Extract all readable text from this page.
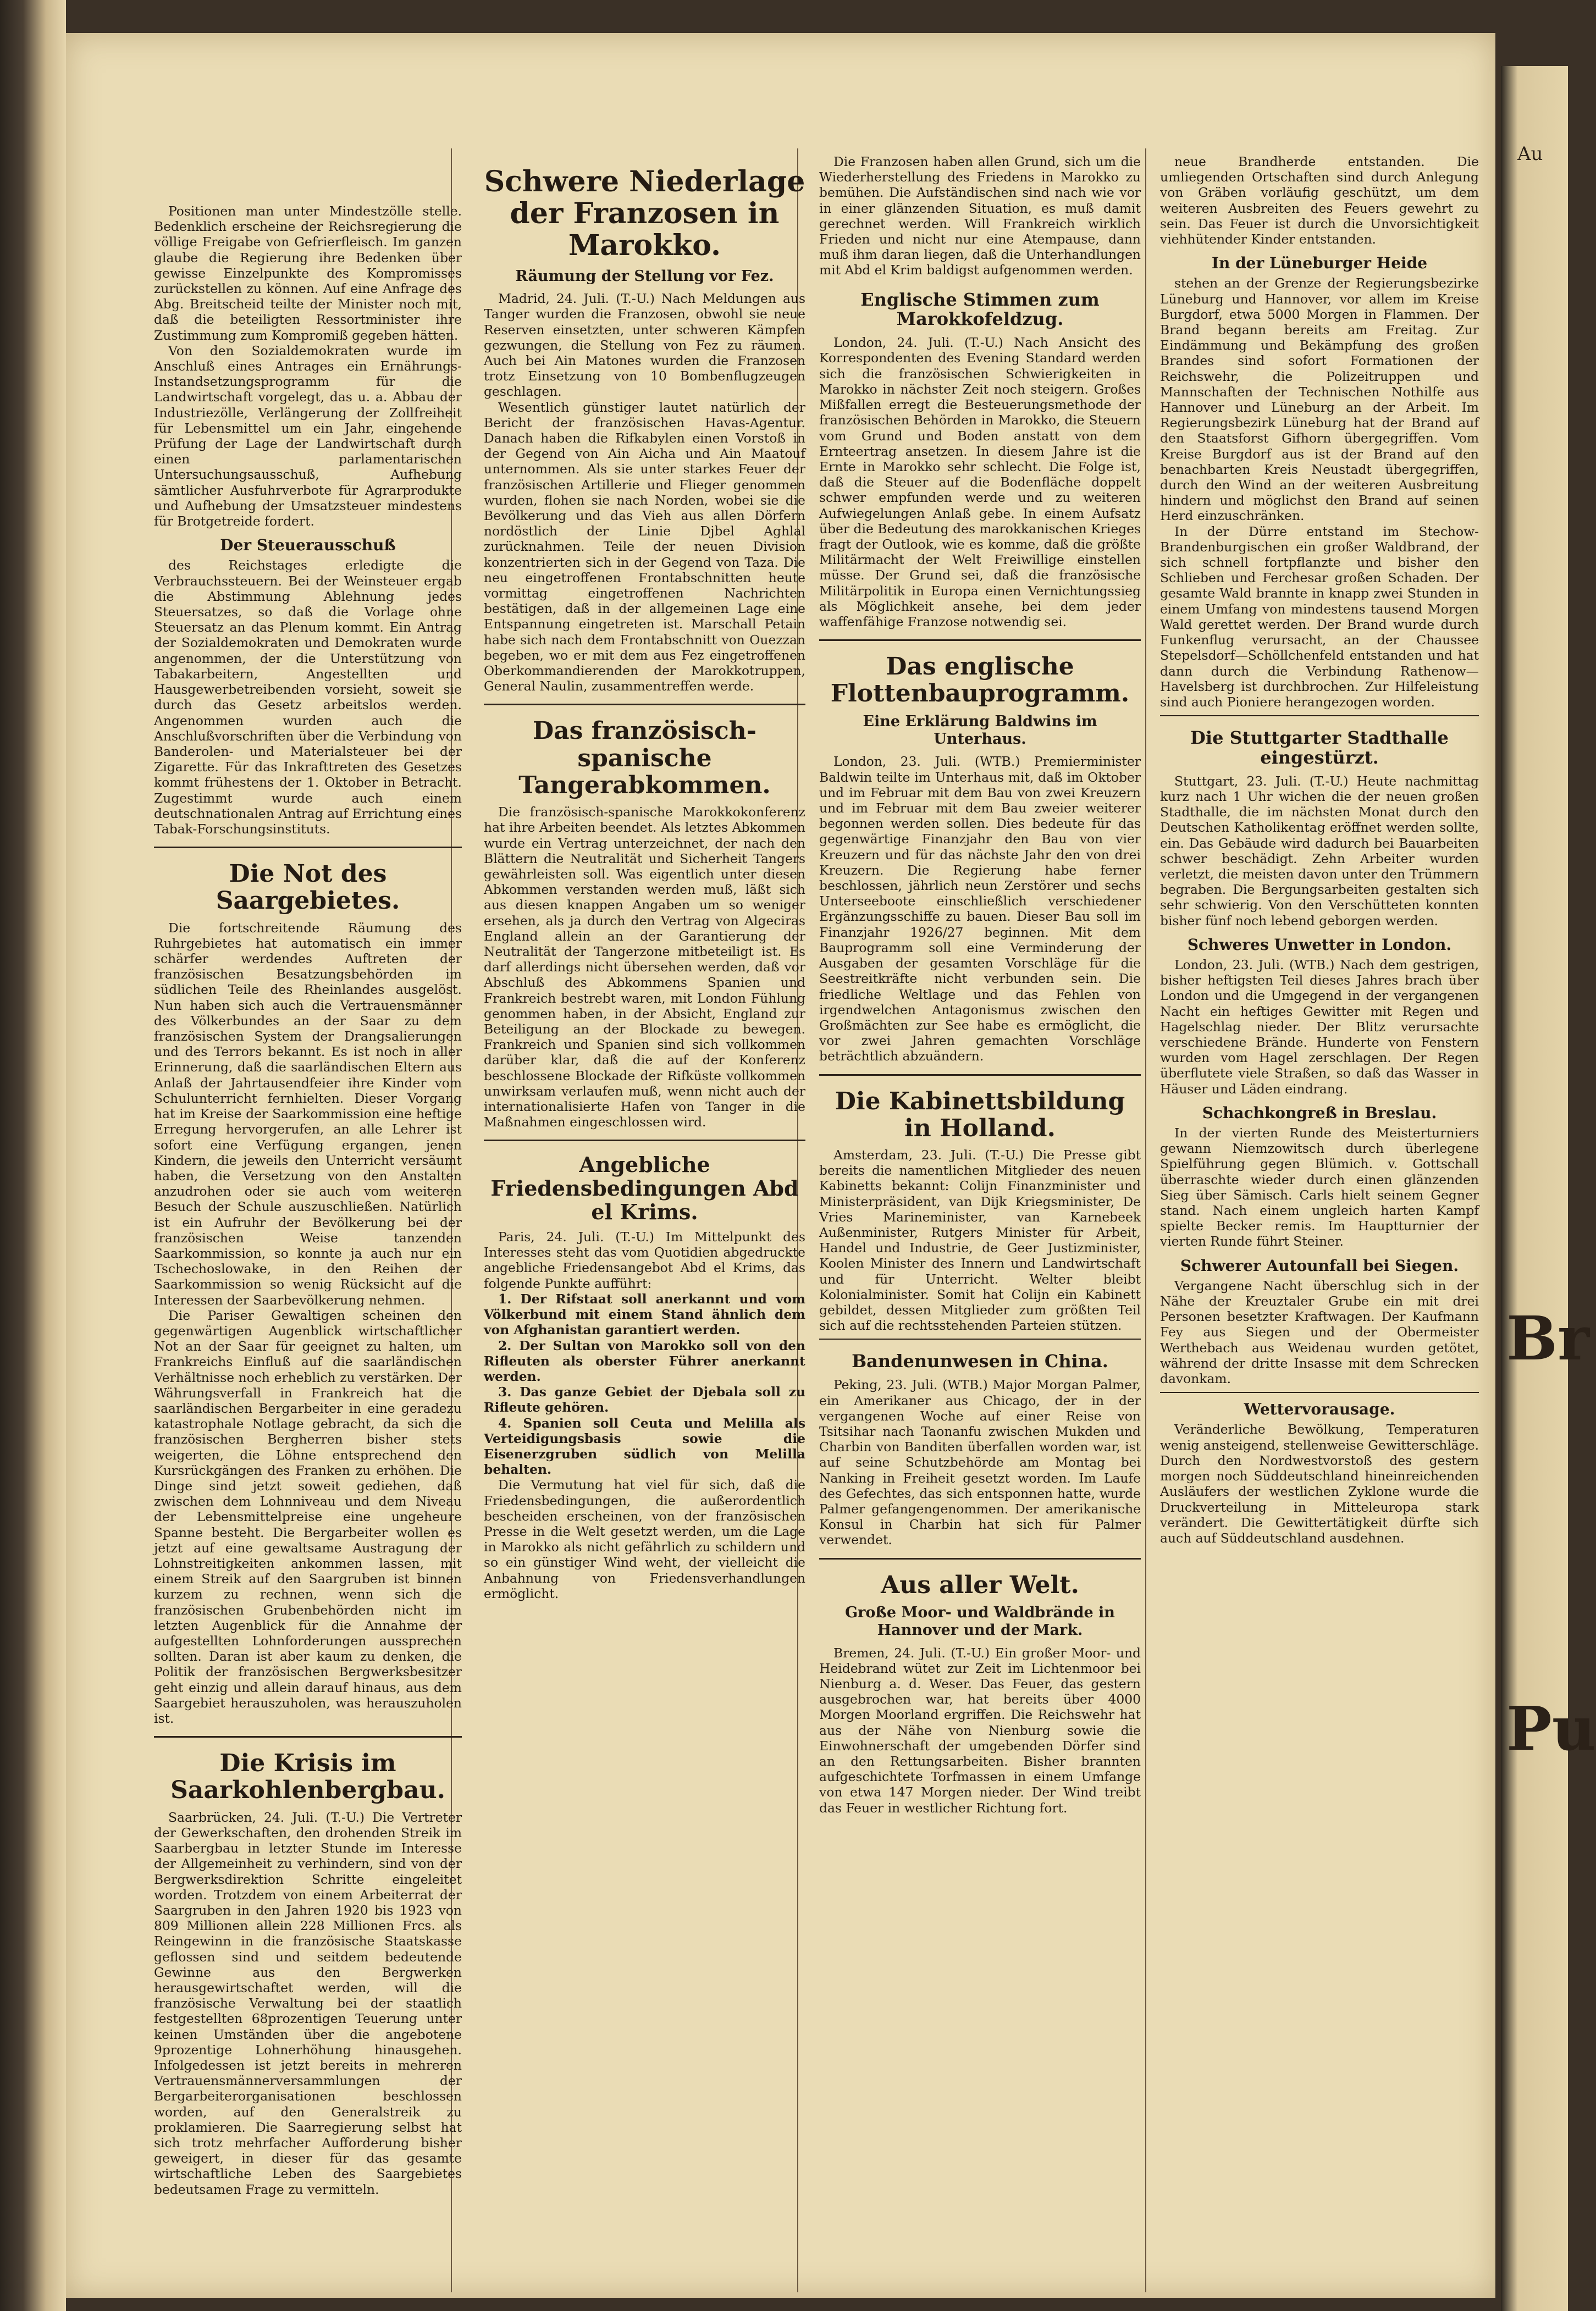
Positionen man unter Mindestzölle stelle. Bedenklich erscheine der Reichsregierung die völlige Freigabe von Gefrierfleisch. Im ganzen glaube die Regierung ihre Bedenken über gewisse Einzelpunkte des Kompromisses zurückstellen zu können. Auf eine Anfrage des Abg. Breitscheid teilte der Minister noch mit, daß die beteiligten Ressortminister ihre Zustimmung zum Kompromiß gegeben hätten.

Von den Sozialdemokraten wurde im Anschluß eines Antrages ein Ernährungs-Instandsetzungsprogramm für die Landwirtschaft vorgelegt, das u. a. Abbau der Industriezölle, Verlängerung der Zollfreiheit für Lebensmittel um ein Jahr, eingehende Prüfung der Lage der Landwirtschaft durch einen parlamentarischen Untersuchungsausschuß, Aufhebung sämtlicher Ausfuhrverbote für Agrarprodukte und Aufhebung der Umsatzsteuer mindestens für Brotgetreide fordert.

Der Steuerausschuß

des Reichstages erledigte die Verbrauchssteuern. Bei der Weinsteuer ergab die Abstimmung Ablehnung jedes Steuersatzes, so daß die Vorlage ohne Steuersatz an das Plenum kommt. Ein Antrag der Sozialdemokraten und Demokraten wurde angenommen, der die Unterstützung von Tabakarbeitern, Angestellten und Hausgewerbetreibenden vorsieht, soweit sie durch das Gesetz arbeitslos werden. Angenommen wurden auch die Anschlußvorschriften über die Verbindung von Banderolen- und Materialsteuer bei der Zigarette. Für das Inkrafttreten des Gesetzes kommt frühestens der 1. Oktober in Betracht. Zugestimmt wurde auch einem deutschnationalen Antrag auf Errichtung eines Tabak-Forschungsinstituts.

Die Not des Saargebietes.

Die fortschreitende Räumung des Ruhrgebietes hat automatisch ein immer schärfer werdendes Auftreten der französischen Besatzungsbehörden im südlichen Teile des Rheinlandes ausgelöst. Nun haben sich auch die Vertrauensmänner des Völkerbundes an der Saar zu dem französischen System der Drangsalierungen und des Terrors bekannt. Es ist noch in aller Erinnerung, daß die saarländischen Eltern aus Anlaß der Jahrtausendfeier ihre Kinder vom Schulunterricht fernhielten. Dieser Vorgang hat im Kreise der Saarkommission eine heftige Erregung hervorgerufen, an alle Lehrer ist sofort eine Verfügung ergangen, jenen Kindern, die jeweils den Unterricht versäumt haben, die Versetzung von den Anstalten anzudrohen oder sie auch vom weiteren Besuch der Schule auszuschließen. Natürlich ist ein Aufruhr der Bevölkerung bei der französischen Weise tanzenden Saarkommission, so konnte ja auch nur ein Tschechoslowake, in den Reihen der Saarkommission so wenig Rücksicht auf die Interessen der Saarbevölkerung nehmen.

Die Pariser Gewaltigen scheinen den gegenwärtigen Augenblick wirtschaftlicher Not an der Saar für geeignet zu halten, um Frankreichs Einfluß auf die saarländischen Verhältnisse noch erheblich zu verstärken. Der Währungsverfall in Frankreich hat die saarländischen Bergarbeiter in eine geradezu katastrophale Notlage gebracht, da sich die französischen Bergherren bisher stets weigerten, die Löhne entsprechend den Kursrückgängen des Franken zu erhöhen. Die Dinge sind jetzt soweit gediehen, daß zwischen dem Lohnniveau und dem Niveau der Lebensmittelpreise eine ungeheure Spanne besteht. Die Bergarbeiter wollen es jetzt auf eine gewaltsame Austragung der Lohnstreitigkeiten ankommen lassen, mit einem Streik auf den Saargruben ist binnen kurzem zu rechnen, wenn sich die französischen Grubenbehörden nicht im letzten Augenblick für die Annahme der aufgestellten Lohnforderungen aussprechen sollten. Daran ist aber kaum zu denken, die Politik der französischen Bergwerksbesitzer geht einzig und allein darauf hinaus, aus dem Saargebiet herauszuholen, was herauszuholen ist.

Die Krisis im Saarkohlenbergbau.

Saarbrücken, 24. Juli. (T.-U.) Die Vertreter der Gewerkschaften, den drohenden Streik im Saarbergbau in letzter Stunde im Interesse der Allgemeinheit zu verhindern, sind von der Bergwerksdirektion Schritte eingeleitet worden. Trotzdem von einem Arbeiterrat der Saargruben in den Jahren 1920 bis 1923 von 809 Millionen allein 228 Millionen Frcs. als Reingewinn in die französische Staatskasse geflossen sind und seitdem bedeutende Gewinne aus den Bergwerken herausgewirtschaftet werden, will die französische Verwaltung bei der staatlich festgestellten 68prozentigen Teuerung unter keinen Umständen über die angebotene 9prozentige Lohnerhöhung hinausgehen. Infolgedessen ist jetzt bereits in mehreren Vertrauensmännerversammlungen der Bergarbeiterorganisationen beschlossen worden, auf den Generalstreik zu proklamieren. Die Saarregierung selbst hat sich trotz mehrfacher Aufforderung bisher geweigert, in dieser für das gesamte wirtschaftliche Leben des Saargebietes bedeutsamen Frage zu vermitteln.

Schwere Niederlage der Franzosen in Marokko.
Räumung der Stellung vor Fez.

Madrid, 24. Juli. (T.-U.) Nach Meldungen aus Tanger wurden die Franzosen, obwohl sie neue Reserven einsetzten, unter schweren Kämpfen gezwungen, die Stellung von Fez zu räumen. Auch bei Ain Matones wurden die Franzosen trotz Einsetzung von 10 Bombenflugzeugen geschlagen.

Wesentlich günstiger lautet natürlich der Bericht der französischen Havas-Agentur. Danach haben die Rifkabylen einen Vorstoß in der Gegend von Ain Aicha und Ain Maatouf unternommen. Als sie unter starkes Feuer der französischen Artillerie und Flieger genommen wurden, flohen sie nach Norden, wobei sie die Bevölkerung und das Vieh aus allen Dörfern nordöstlich der Linie Djbel Aghlal zurücknahmen. Teile der neuen Division konzentrierten sich in der Gegend von Taza. Die neu eingetroffenen Frontabschnitten heute vormittag eingetroffenen Nachrichten bestätigen, daß in der allgemeinen Lage eine Entspannung eingetreten ist. Marschall Petain habe sich nach dem Frontabschnitt von Ouezzan begeben, wo er mit dem aus Fez eingetroffenen Oberkommandierenden der Marokkotruppen, General Naulin, zusammentreffen werde.

Das französisch-spanische Tangerabkommen.

Die französisch-spanische Marokkokonferenz hat ihre Arbeiten beendet. Als letztes Abkommen wurde ein Vertrag unterzeichnet, der nach den Blättern die Neutralität und Sicherheit Tangers gewährleisten soll. Was eigentlich unter diesen Abkommen verstanden werden muß, läßt sich aus diesen knappen Angaben um so weniger ersehen, als ja durch den Vertrag von Algeciras England allein an der Garantierung der Neutralität der Tangerzone mitbeteiligt ist. Es darf allerdings nicht übersehen werden, daß vor Abschluß des Abkommens Spanien und Frankreich bestrebt waren, mit London Fühlung genommen haben, in der Absicht, England zur Beteiligung an der Blockade zu bewegen. Frankreich und Spanien sind sich vollkommen darüber klar, daß die auf der Konferenz beschlossene Blockade der Rifküste vollkommen unwirksam verlaufen muß, wenn nicht auch der internationalisierte Hafen von Tanger in die Maßnahmen eingeschlossen wird.

Angebliche Friedensbedingungen Abd el Krims.

Paris, 24. Juli. (T.-U.) Im Mittelpunkt des Interesses steht das vom Quotidien abgedruckte angebliche Friedensangebot Abd el Krims, das folgende Punkte aufführt:

1. Der Rifstaat soll anerkannt und vom Völkerbund mit einem Stand ähnlich dem von Afghanistan garantiert werden.

2. Der Sultan von Marokko soll von den Rifleuten als oberster Führer anerkannt werden.

3. Das ganze Gebiet der Djebala soll zu Rifleute gehören.

4. Spanien soll Ceuta und Melilla als Verteidigungsbasis sowie die Eisenerzgruben südlich von Melilla behalten.

Die Vermutung hat viel für sich, daß die Friedensbedingungen, die außerordentlich bescheiden erscheinen, von der französischen Presse in die Welt gesetzt werden, um die Lage in Marokko als nicht gefährlich zu schildern und so ein günstiger Wind weht, der vielleicht die Anbahnung von Friedensverhandlungen ermöglicht.

Die Franzosen haben allen Grund, sich um die Wiederherstellung des Friedens in Marokko zu bemühen. Die Aufständischen sind nach wie vor in einer glänzenden Situation, es muß damit gerechnet werden. Will Frankreich wirklich Frieden und nicht nur eine Atempause, dann muß ihm daran liegen, daß die Unterhandlungen mit Abd el Krim baldigst aufgenommen werden.

Englische Stimmen zum Marokkofeldzug.

London, 24. Juli. (T.-U.) Nach Ansicht des Korrespondenten des Evening Standard werden sich die französischen Schwierigkeiten in Marokko in nächster Zeit noch steigern. Großes Mißfallen erregt die Besteuerungsmethode der französischen Behörden in Marokko, die Steuern vom Grund und Boden anstatt von dem Ernteertrag ansetzen. In diesem Jahre ist die Ernte in Marokko sehr schlecht. Die Folge ist, daß die Steuer auf die Bodenfläche doppelt schwer empfunden werde und zu weiteren Aufwiegelungen Anlaß gebe. In einem Aufsatz über die Bedeutung des marokkanischen Krieges fragt der Outlook, wie es komme, daß die größte Militärmacht der Welt Freiwillige einstellen müsse. Der Grund sei, daß die französische Militärpolitik in Europa einen Vernichtungssieg als Möglichkeit ansehe, bei dem jeder waffenfähige Franzose notwendig sei.

Das englische Flottenbauprogramm.
Eine Erklärung Baldwins im Unterhaus.

London, 23. Juli. (WTB.) Premierminister Baldwin teilte im Unterhaus mit, daß im Oktober und im Februar mit dem Bau von zwei Kreuzern und im Februar mit dem Bau zweier weiterer begonnen werden sollen. Dies bedeute für das gegenwärtige Finanzjahr den Bau von vier Kreuzern und für das nächste Jahr den von drei Kreuzern. Die Regierung habe ferner beschlossen, jährlich neun Zerstörer und sechs Unterseeboote einschließlich verschiedener Ergänzungsschiffe zu bauen. Dieser Bau soll im Finanzjahr 1926/27 beginnen. Mit dem Bauprogramm soll eine Verminderung der Ausgaben der gesamten Vorschläge für die Seestreitkräfte nicht verbunden sein. Die friedliche Weltlage und das Fehlen von irgendwelchen Antagonismus zwischen den Großmächten zur See habe es ermöglicht, die vor zwei Jahren gemachten Vorschläge beträchtlich abzuändern.

Die Kabinettsbildung in Holland.

Amsterdam, 23. Juli. (T.-U.) Die Presse gibt bereits die namentlichen Mitglieder des neuen Kabinetts bekannt: Colijn Finanzminister und Ministerpräsident, van Dijk Kriegsminister, De Vries Marineminister, van Karnebeek Außenminister, Rutgers Minister für Arbeit, Handel und Industrie, de Geer Justizminister, Koolen Minister des Innern und Landwirtschaft und für Unterricht. Welter bleibt Kolonialminister. Somit hat Colijn ein Kabinett gebildet, dessen Mitglieder zum größten Teil sich auf die rechtsstehenden Parteien stützen.

Bandenunwesen in China.

Peking, 23. Juli. (WTB.) Major Morgan Palmer, ein Amerikaner aus Chicago, der in der vergangenen Woche auf einer Reise von Tsitsihar nach Taonanfu zwischen Mukden und Charbin von Banditen überfallen worden war, ist auf seine Schutzbehörde am Montag bei Nanking in Freiheit gesetzt worden. Im Laufe des Gefechtes, das sich entsponnen hatte, wurde Palmer gefangengenommen. Der amerikanische Konsul in Charbin hat sich für Palmer verwendet.

Aus aller Welt.
Große Moor- und Waldbrände in Hannover und der Mark.

Bremen, 24. Juli. (T.-U.) Ein großer Moor- und Heidebrand wütet zur Zeit im Lichtenmoor bei Nienburg a. d. Weser. Das Feuer, das gestern ausgebrochen war, hat bereits über 4000 Morgen Moorland ergriffen. Die Reichswehr hat aus der Nähe von Nienburg sowie die Einwohnerschaft der umgebenden Dörfer sind an den Rettungsarbeiten. Bisher brannten aufgeschichtete Torfmassen in einem Umfange von etwa 147 Morgen nieder. Der Wind treibt das Feuer in westlicher Richtung fort.

neue Brandherde entstanden. Die umliegenden Ortschaften sind durch Anlegung von Gräben vorläufig geschützt, um dem weiteren Ausbreiten des Feuers gewehrt zu sein. Das Feuer ist durch die Unvorsichtigkeit viehhütender Kinder entstanden.

In der Lüneburger Heide

stehen an der Grenze der Regierungsbezirke Lüneburg und Hannover, vor allem im Kreise Burgdorf, etwa 5000 Morgen in Flammen. Der Brand begann bereits am Freitag. Zur Eindämmung und Bekämpfung des großen Brandes sind sofort Formationen der Reichswehr, die Polizeitruppen und Mannschaften der Technischen Nothilfe aus Hannover und Lüneburg an der Arbeit. Im Regierungsbezirk Lüneburg hat der Brand auf den Staatsforst Gifhorn übergegriffen. Vom Kreise Burgdorf aus ist der Brand auf den benachbarten Kreis Neustadt übergegriffen, durch den Wind an der weiteren Ausbreitung hindern und möglichst den Brand auf seinen Herd einzuschränken.

In der Dürre entstand im Stechow-Brandenburgischen ein großer Waldbrand, der sich schnell fortpflanzte und bisher den Schlieben und Ferchesar großen Schaden. Der gesamte Wald brannte in knapp zwei Stunden in einem Umfang von mindestens tausend Morgen Wald gerettet werden. Der Brand wurde durch Funkenflug verursacht, an der Chaussee Stepelsdorf—Schöllchenfeld entstanden und hat dann durch die Verbindung Rathenow—Havelsberg ist durchbrochen. Zur Hilfeleistung sind auch Pioniere herangezogen worden.

Die Stuttgarter Stadthalle eingestürzt.

Stuttgart, 23. Juli. (T.-U.) Heute nachmittag kurz nach 1 Uhr wichen die der neuen großen Stadthalle, die im nächsten Monat durch den Deutschen Katholikentag eröffnet werden sollte, ein. Das Gebäude wird dadurch bei Bauarbeiten schwer beschädigt. Zehn Arbeiter wurden verletzt, die meisten davon unter den Trümmern begraben. Die Bergungsarbeiten gestalten sich sehr schwierig. Von den Verschütteten konnten bisher fünf noch lebend geborgen werden.

Schweres Unwetter in London.

London, 23. Juli. (WTB.) Nach dem gestrigen, bisher heftigsten Teil dieses Jahres brach über London und die Umgegend in der vergangenen Nacht ein heftiges Gewitter mit Regen und Hagelschlag nieder. Der Blitz verursachte verschiedene Brände. Hunderte von Fenstern wurden vom Hagel zerschlagen. Der Regen überflutete viele Straßen, so daß das Wasser in Häuser und Läden eindrang.

Schachkongreß in Breslau.

In der vierten Runde des Meisterturniers gewann Niemzowitsch durch überlegene Spielführung gegen Blümich. v. Gottschall überraschte wieder durch einen glänzenden Sieg über Sämisch. Carls hielt seinem Gegner stand. Nach einem ungleich harten Kampf spielte Becker remis. Im Hauptturnier der vierten Runde führt Steiner.

Schwerer Autounfall bei Siegen.

Vergangene Nacht überschlug sich in der Nähe der Kreuztaler Grube ein mit drei Personen besetzter Kraftwagen. Der Kaufmann Fey aus Siegen und der Obermeister Werthebach aus Weidenau wurden getötet, während der dritte Insasse mit dem Schrecken davonkam.

Wettervorausage.

Veränderliche Bewölkung, Temperaturen wenig ansteigend, stellenweise Gewitterschläge. Durch den Nordwestvorstoß des gestern morgen noch Süddeutschland hineinreichenden Ausläufers der westlichen Zyklone wurde die Druckverteilung in Mitteleuropa stark verändert. Die Gewittertätigkeit dürfte sich auch auf Süddeutschland ausdehnen.

Au
Br
Pu
